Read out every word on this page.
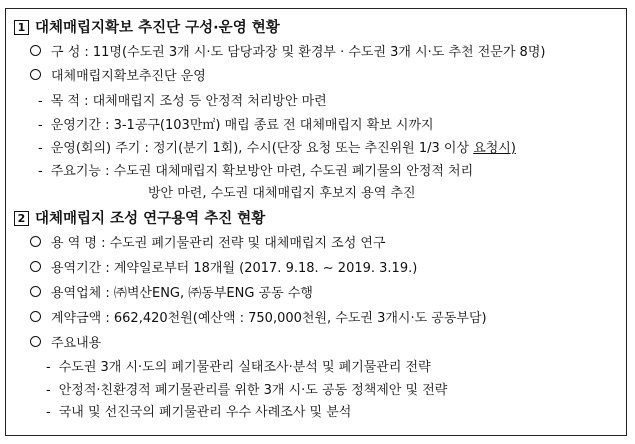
1 대체매립지확보 추진단 구성·운영 현황
구 성 : 11명(수도권 3개 시·도 담당과장 및 환경부 · 수도권 3개 시·도 추천 전문가 8명)
대체매립지확보추진단 운영
- 목 적 : 대체매립지 조성 등 안정적 처리방안 마련
- 운영기간 : 3-1공구(103만㎡) 매립 종료 전 대체매립지 확보 시까지
- 운영(회의) 주기 : 정기(분기 1회), 수시(단장 요청 또는 추진위원 1/3 이상 요청시)
- 주요기능 : 수도권 대체매립지 확보방안 마련, 수도권 폐기물의 안정적 처리
방안 마련, 수도권 대체매립지 후보지 용역 추진
2 대체매립지 조성 연구용역 추진 현황
용 역 명 : 수도권 폐기물관리 전략 및 대체매립지 조성 연구
용역기간 : 계약일로부터 18개월 (2017. 9.18. ∼ 2019. 3.19.)
용역업체 : ㈜벽산ENG, ㈜동부ENG 공동 수행
계약금액 : 662,420천원(예산액 : 750,000천원, 수도권 3개시·도 공동부담)
주요내용
- 수도권 3개 시·도의 폐기물관리 실태조사·분석 및 폐기물관리 전략
- 안정적·친환경적 폐기물관리를 위한 3개 시·도 공동 정책제안 및 전략
- 국내 및 선진국의 폐기물관리 우수 사례조사 및 분석
